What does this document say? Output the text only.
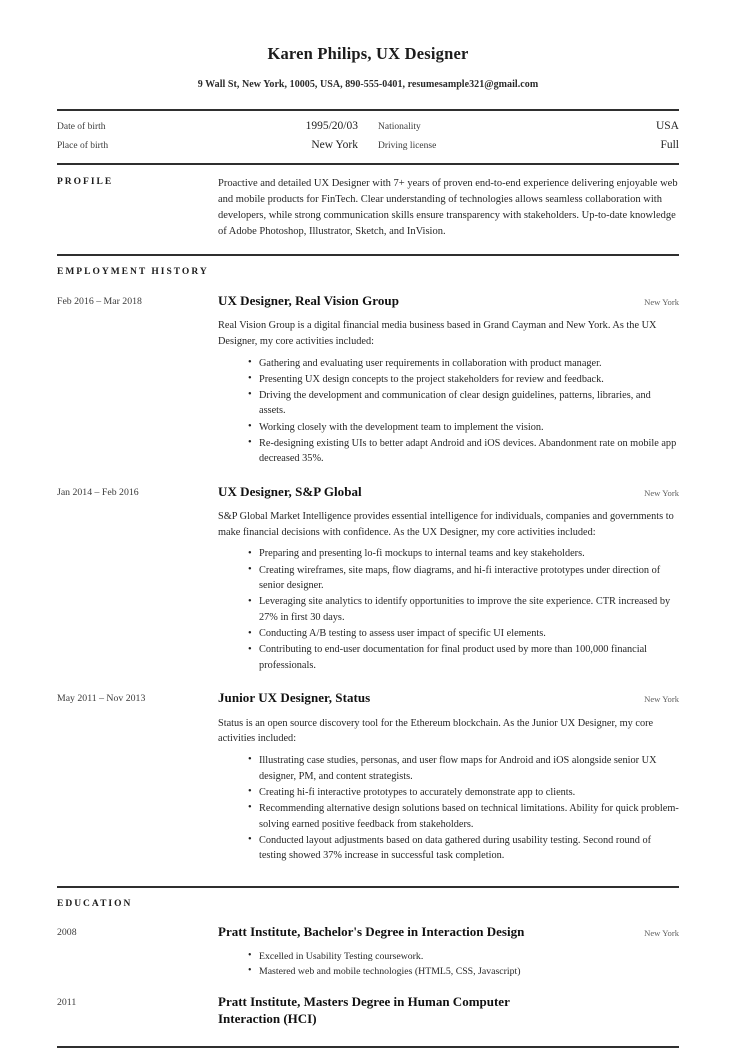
Karen Philips, UX Designer
9 Wall St, New York, 10005, USA, 890-555-0401, resumesample321@gmail.com
Date of birth	1995/20/03 Nationality	USA
Place of birth	New York Driving license	Full
PROFILE	Proactive and detailed UX Designer with 7+ years of proven end-to-end experience delivering enjoyable web and mobile products for FinTech. Clear understanding of technologies allows seamless collaboration with developers, while strong communication skills ensure transparency with stakeholders. Up-to-date knowledge of Adobe Photoshop, Illustrator, Sketch, and InVision.
EMPLOYMENT HISTORY
Feb 2016 – Mar 2018	UX Designer, Real Vision Group	New York
Real Vision Group is a digital financial media business based in Grand Cayman and New York. As the UX Designer, my core activities included:
• Gathering and evaluating user requirements in collaboration with product manager.
• Presenting UX design concepts to the project stakeholders for review and feedback.
• Driving the development and communication of clear design guidelines, patterns, libraries, and assets.
• Working closely with the development team to implement the vision.
• Re-designing existing UIs to better adapt Android and iOS devices. Abandonment rate on mobile app decreased 35%.
Jan 2014 – Feb 2016	UX Designer, S&P Global	New York
S&P Global Market Intelligence provides essential intelligence for individuals, companies and governments to make financial decisions with confidence. As the UX Designer, my core activities included:
• Preparing and presenting lo-fi mockups to internal teams and key stakeholders.
• Creating wireframes, site maps, flow diagrams, and hi-fi interactive prototypes under direction of senior designer.
• Leveraging site analytics to identify opportunities to improve the site experience. CTR increased by 27% in first 30 days.
• Conducting A/B testing to assess user impact of specific UI elements.
• Contributing to end-user documentation for final product used by more than 100,000 financial professionals.
May 2011 – Nov 2013	Junior UX Designer, Status	New York
Status is an open source discovery tool for the Ethereum blockchain. As the Junior UX Designer, my core activities included:
• Illustrating case studies, personas, and user flow maps for Android and iOS alongside senior UX designer, PM, and content strategists.
• Creating hi-fi interactive prototypes to accurately demonstrate app to clients.
• Recommending alternative design solutions based on technical limitations. Ability for quick problem-solving earned positive feedback from stakeholders.
• Conducted layout adjustments based on data gathered during usability testing. Second round of testing showed 37% increase in successful task completion.
EDUCATION
2008	Pratt Institute, Bachelor's Degree in Interaction Design	New York
• Excelled in Usability Testing coursework.
• Mastered web and mobile technologies (HTML5, CSS, Javascript)
2011	Pratt Institute, Masters Degree in Human Computer Interaction (HCI)
